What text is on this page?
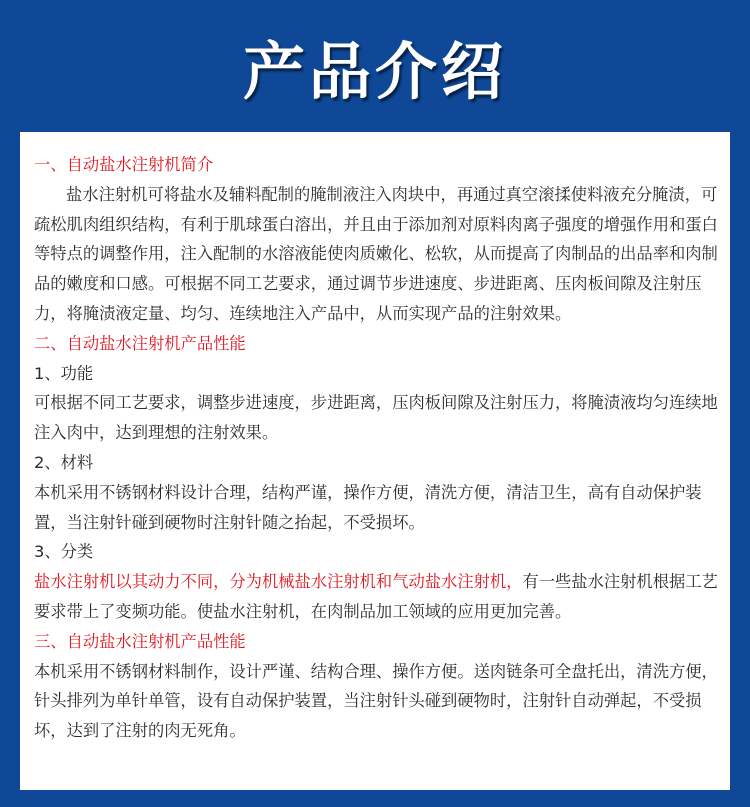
产品介绍

一、自动盐水注射机简介

盐水注射机可将盐水及辅料配制的腌制液注入肉块中，再通过真空滚揉使料液充分腌渍，可疏松肌肉组织结构，有利于肌球蛋白溶出，并且由于添加剂对原料肉离子强度的增强作用和蛋白等特点的调整作用，注入配制的水溶液能使肉质嫩化、松软，从而提高了肉制品的出品率和肉制品的嫩度和口感。可根据不同工艺要求，通过调节步进速度、步进距离、压肉板间隙及注射压力，将腌渍液定量、均匀、连续地注入产品中，从而实现产品的注射效果。

二、自动盐水注射机产品性能

1、功能

可根据不同工艺要求，调整步进速度，步进距离，压肉板间隙及注射压力，将腌渍液均匀连续地注入肉中，达到理想的注射效果。

2、材料

本机采用不锈钢材料设计合理，结构严谨，操作方便，清洗方便，清洁卫生，高有自动保护装置，当注射针碰到硬物时注射针随之抬起，不受损坏。

3、分类

盐水注射机以其动力不同，分为机械盐水注射机和气动盐水注射机，有一些盐水注射机根据工艺要求带上了变频功能。使盐水注射机，在肉制品加工领域的应用更加完善。

三、自动盐水注射机产品性能

本机采用不锈钢材料制作，设计严谨、结构合理、操作方便。送肉链条可全盘托出，清洗方便，针头排列为单针单管，设有自动保护装置，当注射针头碰到硬物时，注射针自动弹起，不受损坏，达到了注射的肉无死角。
